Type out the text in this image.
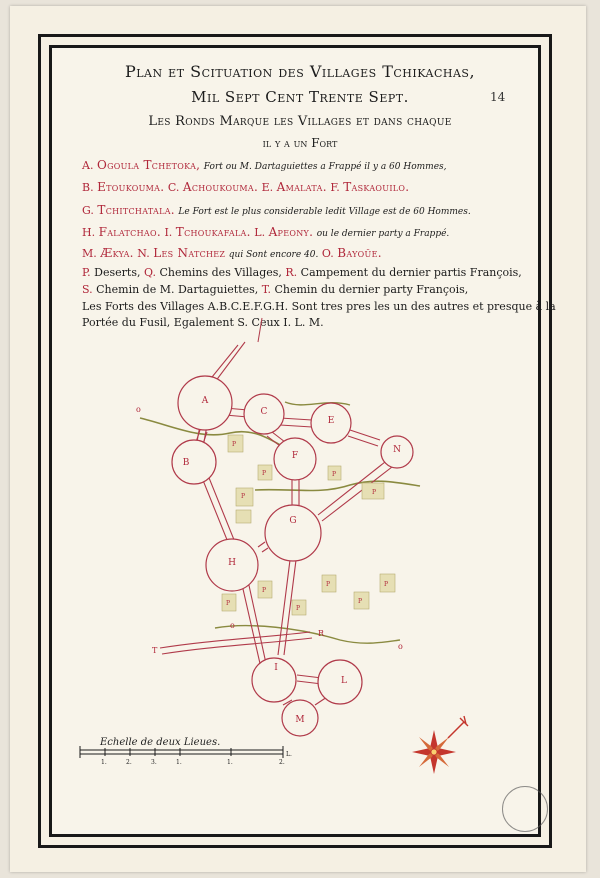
Plan et Scituation des Villages Tchikachas,
Mil Sept Cent Trente Sept.	14
Les Ronds Marque les Villages et dans chaque
il y a un Fort
A. Ogoula Tchetoka, Fort ou M. Dartaguiettes a Frappé il y a 60 Hommes,
B. Etoukouma. C. Achoukouma. E. Amalata. F. Taskaouilo.
G. Tchitchatala. Le Fort est le plus considerable ledit Village est de 60 Hommes.
H. Falatchao. I. Tchoukafala. L. Apeony. ou le dernier party a Frappé.
M. Ækya. N. Les Natchez qui Sont encore 40. O. Bayoüe.
P. Deserts, Q. Chemins des Villages, R. Campement du dernier partis François,
S. Chemin de M. Dartaguiettes, T. Chemin du dernier party François,
Les Forts des Villages A.B.C.E.F.G.H. Sont tres pres les un des autres et presque à la
Portée du Fusil, Egalement S. Ceux I. L. M.
A
B
C
E
F
N
G
H
I
L
M
P
P	P
P
P
P	P
P
P
P
P
o
o
o
R
T
1.	2.	3.	1.	1.	2.
L.
Echelle de deux Lieues.
